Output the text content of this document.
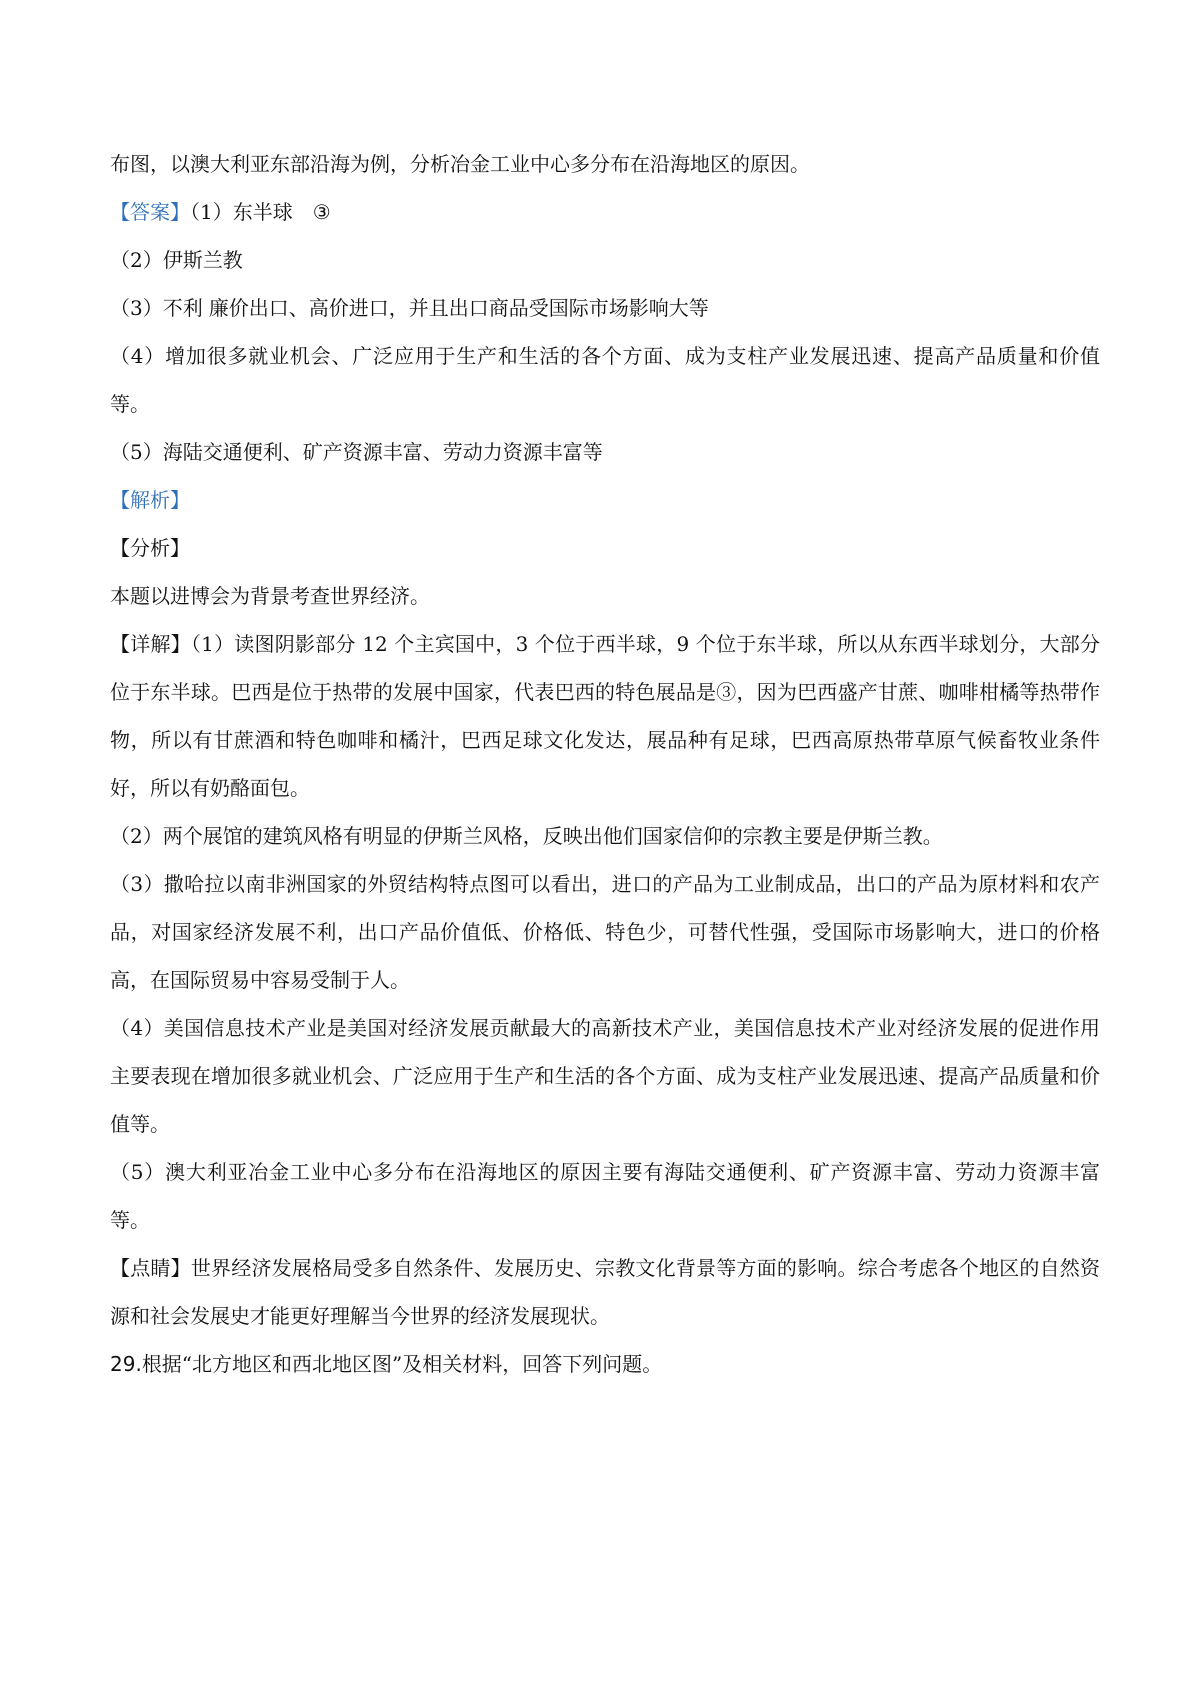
布图，以澳大利亚东部沿海为例，分析冶金工业中心多分布在沿海地区的原因。

【答案】（1）东半球 ③

（2）伊斯兰教

（3）不利 廉价出口、高价进口，并且出口商品受国际市场影响大等

（4）增加很多就业机会、广泛应用于生产和生活的各个方面、成为支柱产业发展迅速、提高产品质量和价值等。

（5）海陆交通便利、矿产资源丰富、劳动力资源丰富等

【解析】

【分析】

本题以进博会为背景考查世界经济。

【详解】（1）读图阴影部分 12 个主宾国中，3 个位于西半球，9 个位于东半球，所以从东西半球划分，大部分位于东半球。巴西是位于热带的发展中国家，代表巴西的特色展品是③，因为巴西盛产甘蔗、咖啡柑橘等热带作物，所以有甘蔗酒和特色咖啡和橘汁，巴西足球文化发达，展品种有足球，巴西高原热带草原气候畜牧业条件好，所以有奶酪面包。

（2）两个展馆的建筑风格有明显的伊斯兰风格，反映出他们国家信仰的宗教主要是伊斯兰教。

（3）撒哈拉以南非洲国家的外贸结构特点图可以看出，进口的产品为工业制成品，出口的产品为原材料和农产品，对国家经济发展不利，出口产品价值低、价格低、特色少，可替代性强，受国际市场影响大，进口的价格高，在国际贸易中容易受制于人。

（4）美国信息技术产业是美国对经济发展贡献最大的高新技术产业，美国信息技术产业对经济发展的促进作用主要表现在增加很多就业机会、广泛应用于生产和生活的各个方面、成为支柱产业发展迅速、提高产品质量和价值等。

（5）澳大利亚冶金工业中心多分布在沿海地区的原因主要有海陆交通便利、矿产资源丰富、劳动力资源丰富等。

【点睛】世界经济发展格局受多自然条件、发展历史、宗教文化背景等方面的影响。综合考虑各个地区的自然资源和社会发展史才能更好理解当今世界的经济发展现状。

29.根据“北方地区和西北地区图”及相关材料，回答下列问题。
